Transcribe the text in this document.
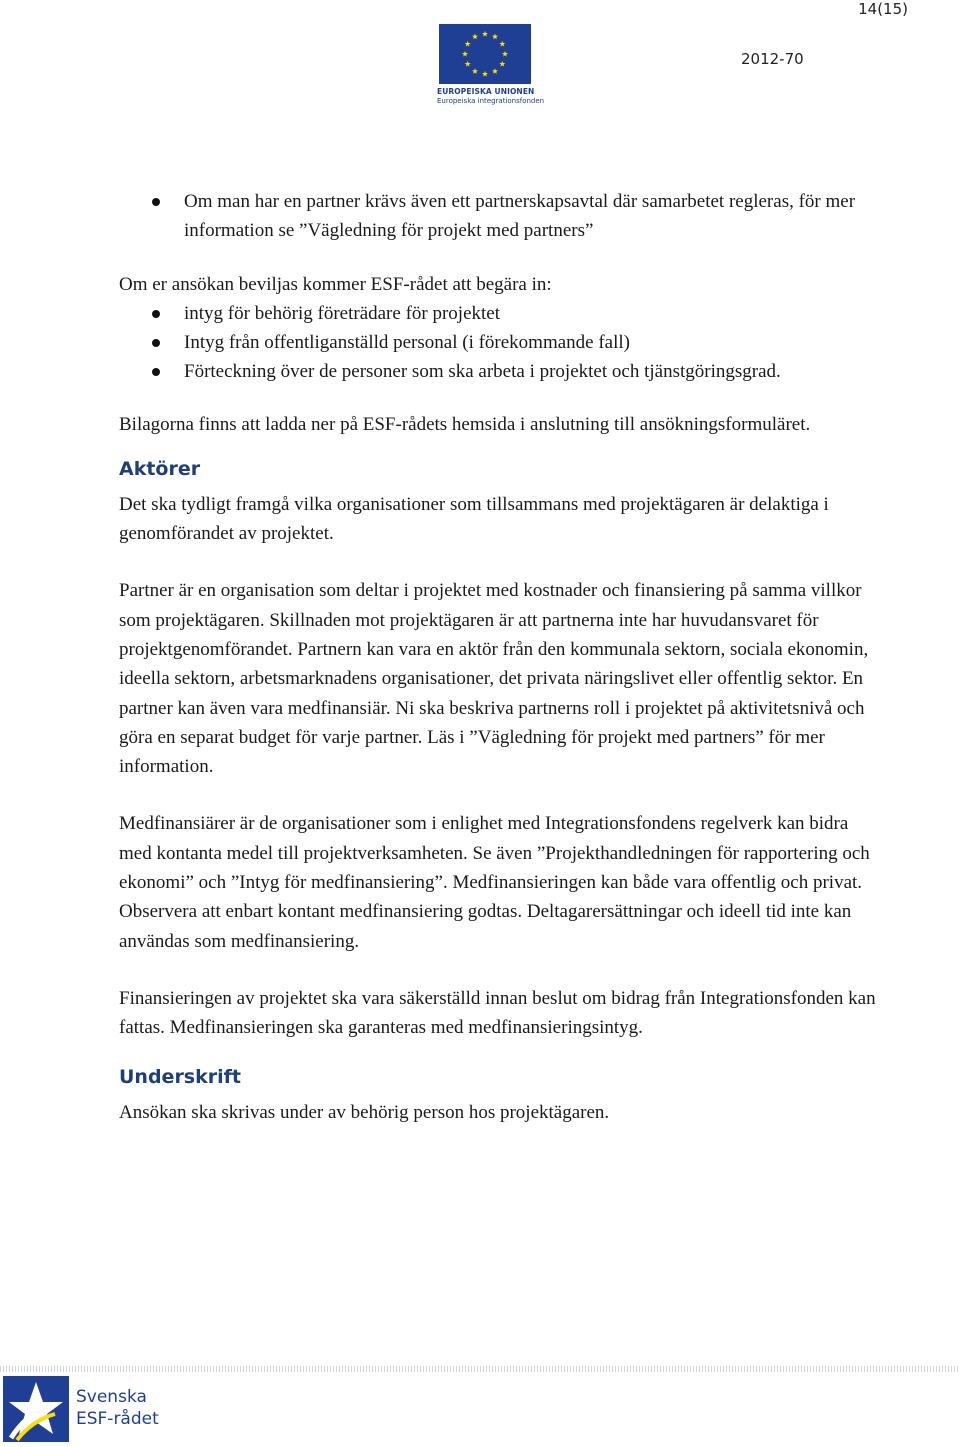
14(15)
EUROPEISKA UNIONEN
Europeiska integrationsfonden
2012-70
Om man har en partner krävs även ett partnerskapsavtal där samarbetet regleras, för mer information se ”Vägledning för projekt med partners”

Om er ansökan beviljas kommer ESF-rådet att begära in:

intyg för behörig företrädare för projektet
Intyg från offentliganställd personal (i förekommande fall)
Förteckning över de personer som ska arbeta i projektet och tjänstgöringsgrad.

Bilagorna finns att ladda ner på ESF-rådets hemsida i anslutning till ansökningsformuläret.

Aktörer

Det ska tydligt framgå vilka organisationer som tillsammans med projektägaren är delaktiga i genomförandet av projektet.

Partner är en organisation som deltar i projektet med kostnader och finansiering på samma villkor som projektägaren. Skillnaden mot projektägaren är att partnerna inte har huvudansvaret för projektgenomförandet. Partnern kan vara en aktör från den kommunala sektorn, sociala ekonomin, ideella sektorn, arbetsmarknadens organisationer, det privata näringslivet eller offentlig sektor. En partner kan även vara medfinansiär. Ni ska beskriva partnerns roll i projektet på aktivitetsnivå och göra en separat budget för varje partner. Läs i ”Vägledning för projekt med partners” för mer information.

Medfinansiärer är de organisationer som i enlighet med Integrationsfondens regelverk kan bidra med kontanta medel till projektverksamheten. Se även ”Projekthandledningen för rapportering och ekonomi” och ”Intyg för medfinansiering”. Medfinansieringen kan både vara offentlig och privat. Observera att enbart kontant medfinansiering godtas. Deltagarersättningar och ideell tid inte kan användas som medfinansiering.

Finansieringen av projektet ska vara säkerställd innan beslut om bidrag från Integrationsfonden kan fattas. Medfinansieringen ska garanteras med medfinansieringsintyg.

Underskrift

Ansökan ska skrivas under av behörig person hos projektägaren.

Svenska
ESF-rådet
